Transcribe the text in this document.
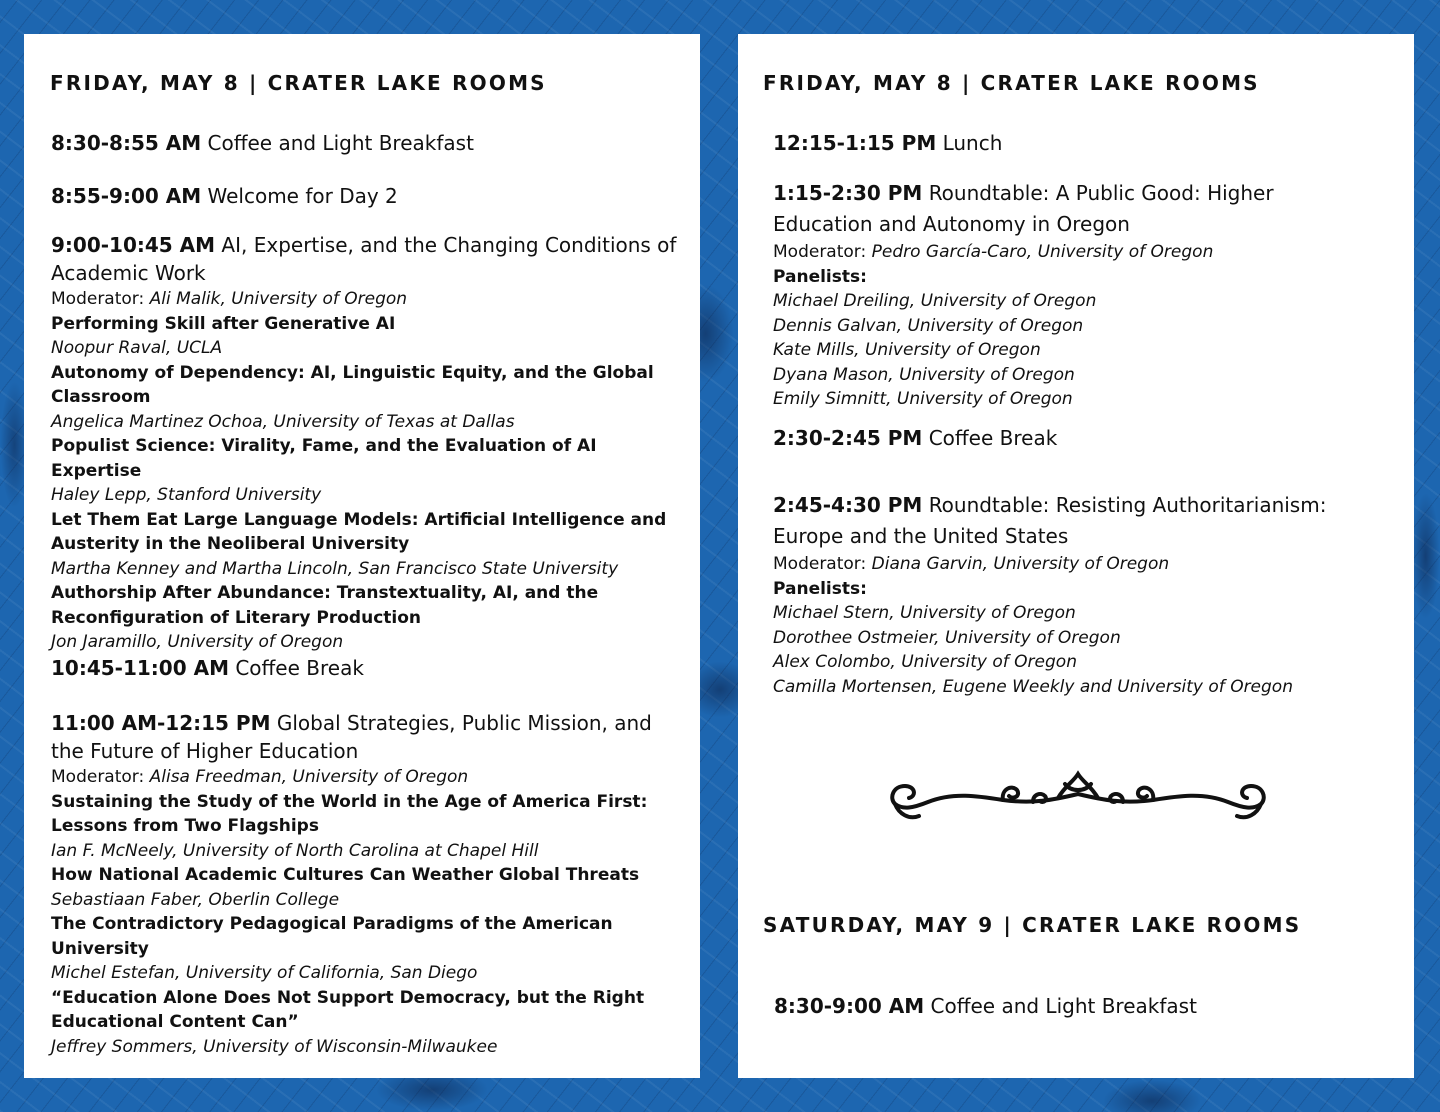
FRIDAY, MAY 8 | CRATER LAKE ROOMS

8:30-8:55 AM Coffee and Light Breakfast

8:55-9:00 AM Welcome for Day 2

9:00-10:45 AM AI, Expertise, and the Changing Conditions of Academic Work

Moderator: Ali Malik, University of Oregon

Performing Skill after Generative AI

Noopur Raval, UCLA

Autonomy of Dependency: AI, Linguistic Equity, and the Global Classroom

Angelica Martinez Ochoa, University of Texas at Dallas

Populist Science: Virality, Fame, and the Evaluation of AI Expertise

Haley Lepp, Stanford University

Let Them Eat Large Language Models: Artificial Intelligence and Austerity in the Neoliberal University

Martha Kenney and Martha Lincoln, San Francisco State University

Authorship After Abundance: Transtextuality, AI, and the Reconfiguration of Literary Production

Jon Jaramillo, University of Oregon

10:45-11:00 AM Coffee Break

11:00 AM-12:15 PM Global Strategies, Public Mission, and the Future of Higher Education

Moderator: Alisa Freedman, University of Oregon

Sustaining the Study of the World in the Age of America First: Lessons from Two Flagships

Ian F. McNeely, University of North Carolina at Chapel Hill

How National Academic Cultures Can Weather Global Threats

Sebastiaan Faber, Oberlin College

The Contradictory Pedagogical Paradigms of the American University

Michel Estefan, University of California, San Diego

“Education Alone Does Not Support Democracy, but the Right Educational Content Can”

Jeffrey Sommers, University of Wisconsin-Milwaukee

FRIDAY, MAY 8 | CRATER LAKE ROOMS

12:15-1:15 PM Lunch

1:15-2:30 PM Roundtable: A Public Good: Higher Education and Autonomy in Oregon

Moderator: Pedro García-Caro, University of Oregon

Panelists:

Michael Dreiling, University of Oregon

Dennis Galvan, University of Oregon

Kate Mills, University of Oregon

Dyana Mason, University of Oregon

Emily Simnitt, University of Oregon

2:30-2:45 PM Coffee Break

2:45-4:30 PM Roundtable: Resisting Authoritarianism: Europe and the United States

Moderator: Diana Garvin, University of Oregon

Panelists:

Michael Stern, University of Oregon

Dorothee Ostmeier, University of Oregon

Alex Colombo, University of Oregon

Camilla Mortensen, Eugene Weekly and University of Oregon

SATURDAY, MAY 9 | CRATER LAKE ROOMS

8:30-9:00 AM Coffee and Light Breakfast
